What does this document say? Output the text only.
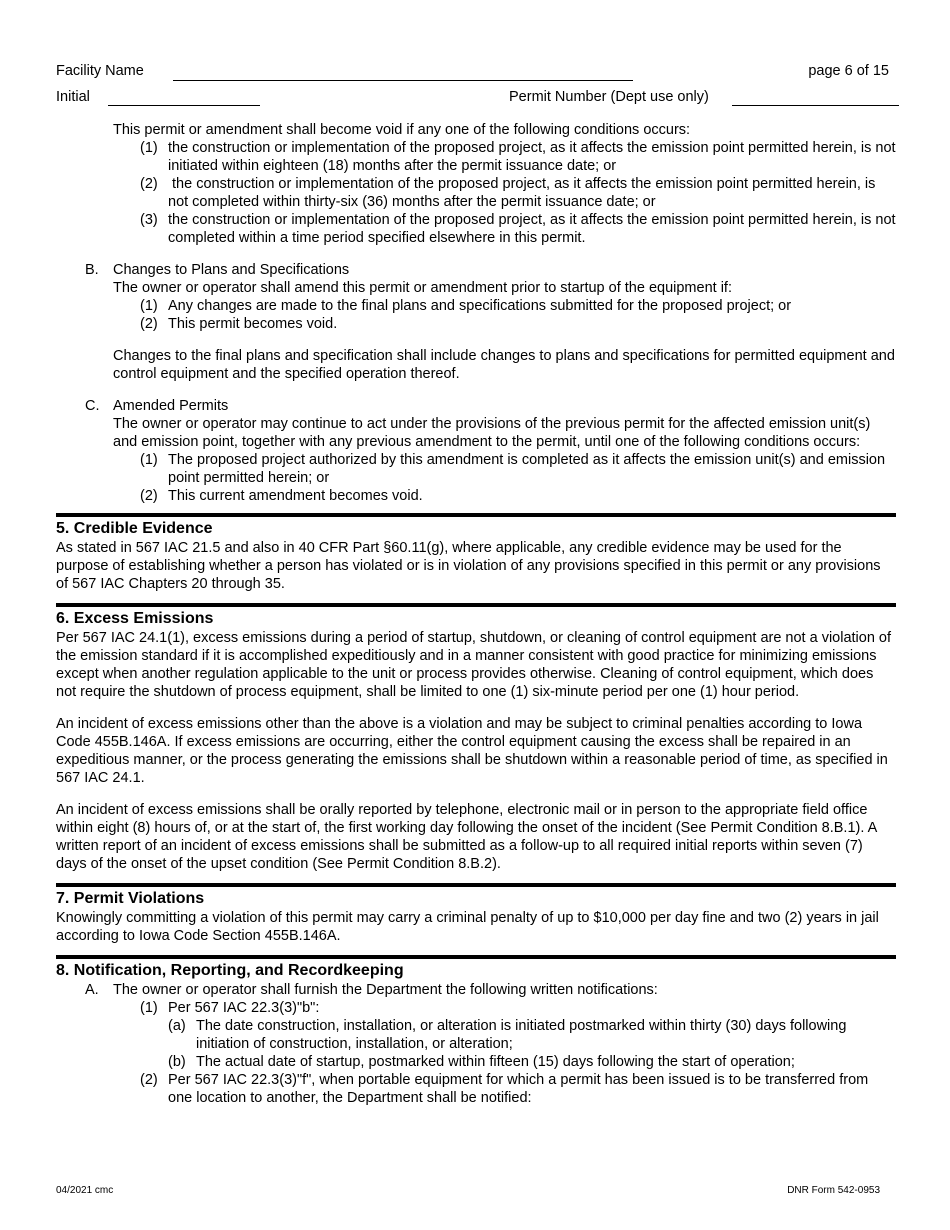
Facility Name	page 6 of 15
Initial	Permit Number (Dept use only)
This permit or amendment shall become void if any one of the following conditions occurs:
(1) the construction or implementation of the proposed project, as it affects the emission point permitted herein, is not initiated within eighteen (18) months after the permit issuance date; or
(2) the construction or implementation of the proposed project, as it affects the emission point permitted herein, is not completed within thirty-six (36) months after the permit issuance date; or
(3) the construction or implementation of the proposed project, as it affects the emission point permitted herein, is not completed within a time period specified elsewhere in this permit.
B. Changes to Plans and Specifications
The owner or operator shall amend this permit or amendment prior to startup of the equipment if:
(1) Any changes are made to the final plans and specifications submitted for the proposed project; or
(2) This permit becomes void.
Changes to the final plans and specification shall include changes to plans and specifications for permitted equipment and control equipment and the specified operation thereof.
C. Amended Permits
The owner or operator may continue to act under the provisions of the previous permit for the affected emission unit(s) and emission point, together with any previous amendment to the permit, until one of the following conditions occurs:
(1) The proposed project authorized by this amendment is completed as it affects the emission unit(s) and emission point permitted herein; or
(2) This current amendment becomes void.
5. Credible Evidence
As stated in 567 IAC 21.5 and also in 40 CFR Part §60.11(g), where applicable, any credible evidence may be used for the purpose of establishing whether a person has violated or is in violation of any provisions specified in this permit or any provisions of 567 IAC Chapters 20 through 35.
6. Excess Emissions
Per 567 IAC 24.1(1), excess emissions during a period of startup, shutdown, or cleaning of control equipment are not a violation of the emission standard if it is accomplished expeditiously and in a manner consistent with good practice for minimizing emissions except when another regulation applicable to the unit or process provides otherwise. Cleaning of control equipment, which does not require the shutdown of process equipment, shall be limited to one (1) six-minute period per one (1) hour period.
An incident of excess emissions other than the above is a violation and may be subject to criminal penalties according to Iowa Code 455B.146A. If excess emissions are occurring, either the control equipment causing the excess shall be repaired in an expeditious manner, or the process generating the emissions shall be shutdown within a reasonable period of time, as specified in 567 IAC 24.1.
An incident of excess emissions shall be orally reported by telephone, electronic mail or in person to the appropriate field office within eight (8) hours of, or at the start of, the first working day following the onset of the incident (See Permit Condition 8.B.1). A written report of an incident of excess emissions shall be submitted as a follow-up to all required initial reports within seven (7) days of the onset of the upset condition (See Permit Condition 8.B.2).
7. Permit Violations
Knowingly committing a violation of this permit may carry a criminal penalty of up to $10,000 per day fine and two (2) years in jail according to Iowa Code Section 455B.146A.
8. Notification, Reporting, and Recordkeeping
A. The owner or operator shall furnish the Department the following written notifications:
(1) Per 567 IAC 22.3(3)"b":
(a) The date construction, installation, or alteration is initiated postmarked within thirty (30) days following initiation of construction, installation, or alteration;
(b) The actual date of startup, postmarked within fifteen (15) days following the start of operation;
(2) Per 567 IAC 22.3(3)"f", when portable equipment for which a permit has been issued is to be transferred from one location to another, the Department shall be notified:
04/2021 cmc	DNR Form 542-0953
